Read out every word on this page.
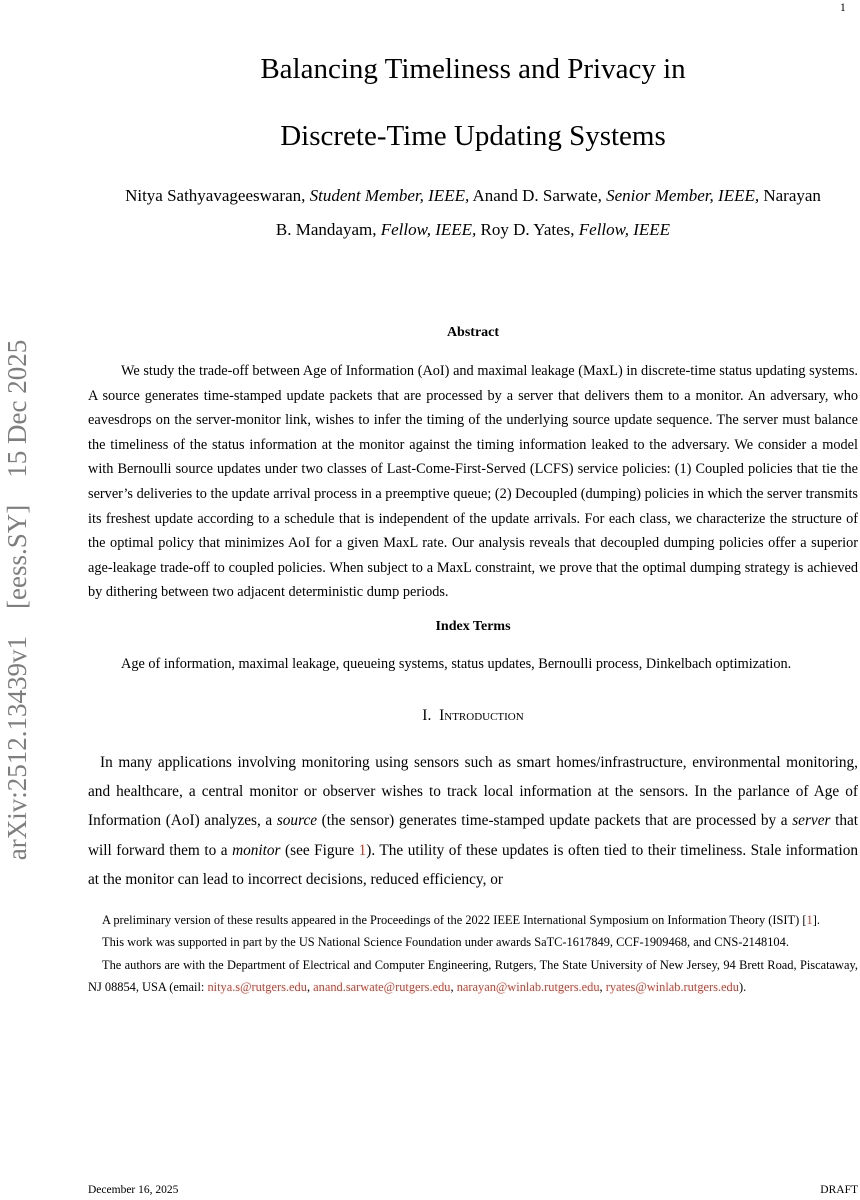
1
arXiv:2512.13439v1  [eess.SY]  15 Dec 2025
Balancing Timeliness and Privacy in
Discrete-Time Updating Systems
Nitya Sathyavageeswaran, Student Member, IEEE, Anand D. Sarwate, Senior Member, IEEE, Narayan
B. Mandayam, Fellow, IEEE, Roy D. Yates, Fellow, IEEE
Abstract

We study the trade-off between Age of Information (AoI) and maximal leakage (MaxL) in discrete-time status updating systems. A source generates time-stamped update packets that are processed by a server that delivers them to a monitor. An adversary, who eavesdrops on the server-monitor link, wishes to infer the timing of the underlying source update sequence. The server must balance the timeliness of the status information at the monitor against the timing information leaked to the adversary. We consider a model with Bernoulli source updates under two classes of Last-Come-First-Served (LCFS) service policies: (1) Coupled policies that tie the server’s deliveries to the update arrival process in a preemptive queue; (2) Decoupled (dumping) policies in which the server transmits its freshest update according to a schedule that is independent of the update arrivals. For each class, we characterize the structure of the optimal policy that minimizes AoI for a given MaxL rate. Our analysis reveals that decoupled dumping policies offer a superior age-leakage trade-off to coupled policies. When subject to a MaxL constraint, we prove that the optimal dumping strategy is achieved by dithering between two adjacent deterministic dump periods.

Index Terms

Age of information, maximal leakage, queueing systems, status updates, Bernoulli process, Dinkelbach optimization.

I. Introduction

In many applications involving monitoring using sensors such as smart homes/infrastructure, environmental monitoring, and healthcare, a central monitor or observer wishes to track local information at the sensors. In the parlance of Age of Information (AoI) analyzes, a source (the sensor) generates time-stamped update packets that are processed by a server that will forward them to a monitor (see Figure 1). The utility of these updates is often tied to their timeliness. Stale information at the monitor can lead to incorrect decisions, reduced efficiency, or

A preliminary version of these results appeared in the Proceedings of the 2022 IEEE International Symposium on Information Theory (ISIT) [1].

This work was supported in part by the US National Science Foundation under awards SaTC-1617849, CCF-1909468, and CNS-2148104.

The authors are with the Department of Electrical and Computer Engineering, Rutgers, The State University of New Jersey, 94 Brett Road, Piscataway, NJ 08854, USA (email: nitya.s@rutgers.edu, anand.sarwate@rutgers.edu, narayan@winlab.rutgers.edu, ryates@winlab.rutgers.edu).

December 16, 2025	DRAFT
